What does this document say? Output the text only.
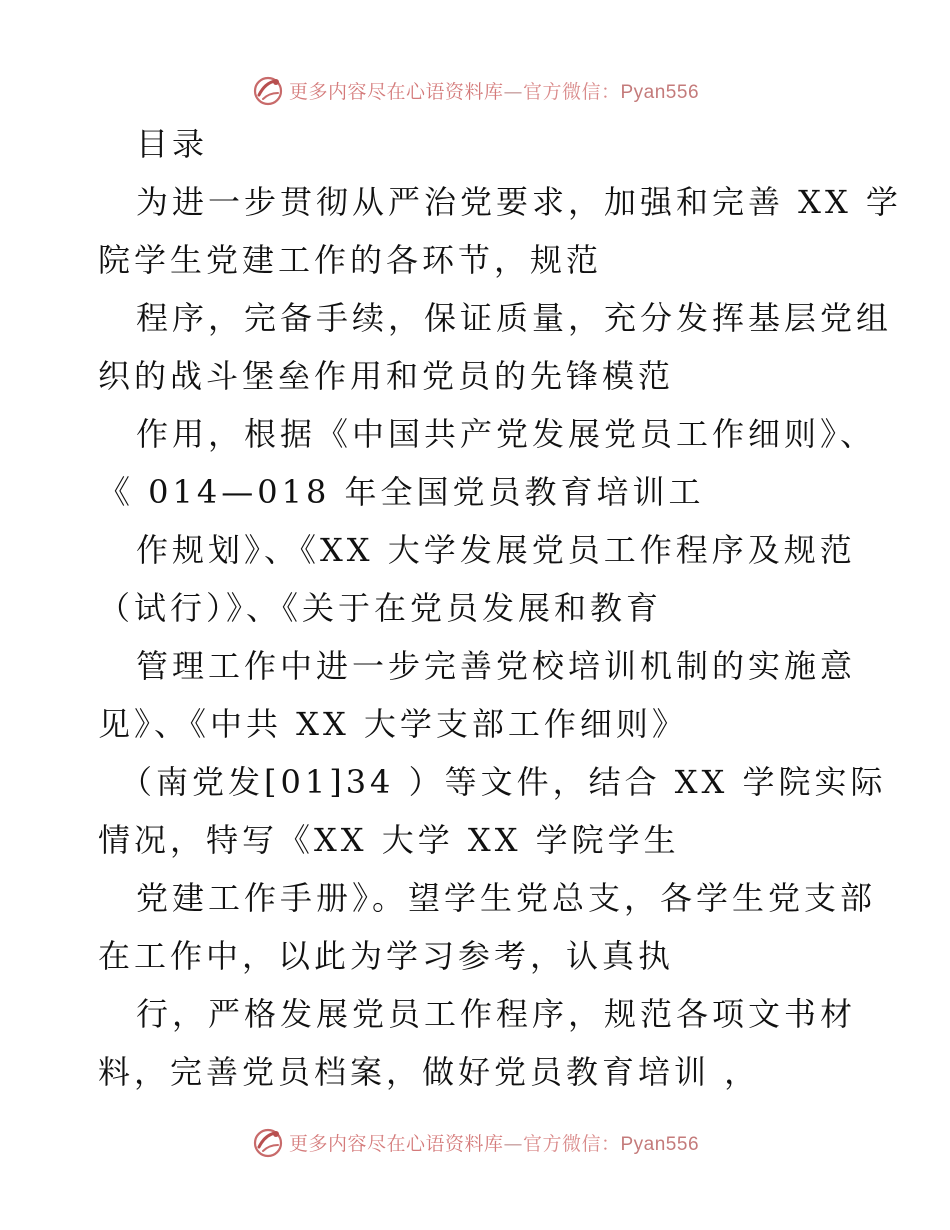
更多内容尽在心语资料库—官方微信：Pyan556
目录
为进一步贯彻从严治党要求，加强和完善 XX 学
院学生党建工作的各环节，规范
程序，完备手续，保证质量，充分发挥基层党组
织的战斗堡垒作用和党员的先锋模范
作用，根据《中国共产党发展党员工作细则》、
《 014—018 年全国党员教育培训工
作规划》、《XX 大学发展党员工作程序及规范
（试行）》、《关于在党员发展和教育
管理工作中进一步完善党校培训机制的实施意
见》、《中共 XX 大学支部工作细则》
（南党发[01]34 ）等文件，结合 XX 学院实际
情况，特写《XX 大学 XX 学院学生
党建工作手册》。望学生党总支，各学生党支部
在工作中，以此为学习参考，认真执
行，严格发展党员工作程序，规范各项文书材
料，完善党员档案，做好党员教育培训 ，
更多内容尽在心语资料库—官方微信：Pyan556
